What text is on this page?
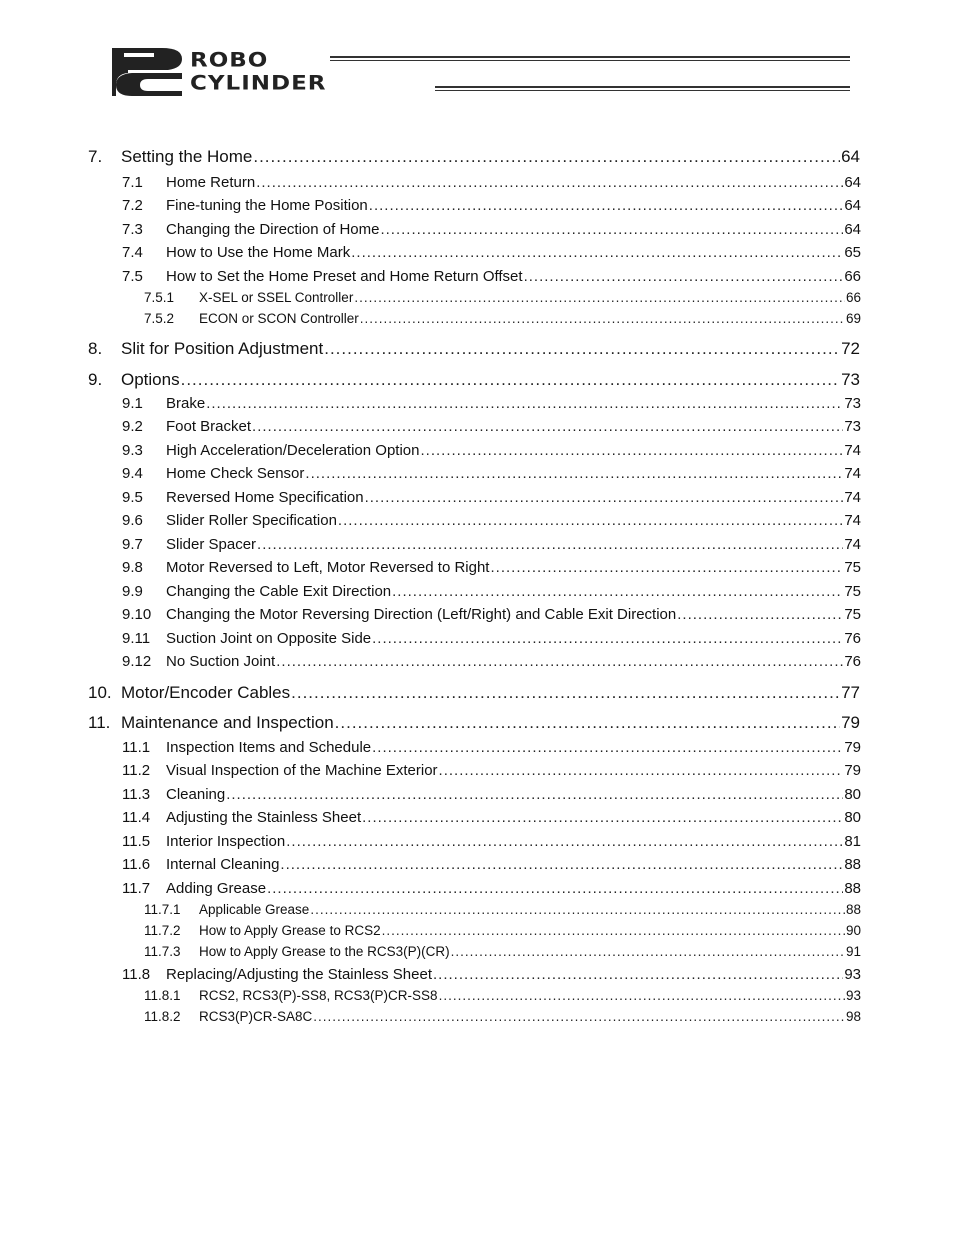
ROBO
CYLINDER
7.	Setting the Home .....	64
7.1	Home Return .....	64
7.2	Fine-tuning the Home Position .....	64
7.3	Changing the Direction of Home .....	64
7.4	How to Use the Home Mark .....	65
7.5	How to Set the Home Preset and Home Return Offset .....	66
7.5.1	X-SEL or SSEL Controller .....	66
7.5.2	ECON or SCON Controller .....	69
8.	Slit for Position Adjustment .....	72
9.	Options .....	73
9.1	Brake .....	73
9.2	Foot Bracket .....	73
9.3	High Acceleration/Deceleration Option .....	74
9.4	Home Check Sensor .....	74
9.5	Reversed Home Specification .....	74
9.6	Slider Roller Specification .....	74
9.7	Slider Spacer .....	74
9.8	Motor Reversed to Left, Motor Reversed to Right .....	75
9.9	Changing the Cable Exit Direction .....	75
9.10 Changing the Motor Reversing Direction (Left/Right) and Cable Exit Direction .....	75
9.11	Suction Joint on Opposite Side .....	76
9.12 No Suction Joint .....	76
10. Motor/Encoder Cables .....	77
11. Maintenance and Inspection .....	79
11.1	Inspection Items and Schedule .....	79
11.2	Visual Inspection of the Machine Exterior .....	79
11.3	Cleaning .....	80
11.4	Adjusting the Stainless Sheet .....	80
11.5	Interior Inspection .....	81
11.6	Internal Cleaning .....	88
11.7	Adding Grease .....	88
11.7.1	Applicable Grease .....	88
11.7.2	How to Apply Grease to RCS2 .....	90
11.7.3	How to Apply Grease to the RCS3(P)(CR) .....	91
11.8	Replacing/Adjusting the Stainless Sheet .....	93
11.8.1	RCS2, RCS3(P)-SS8, RCS3(P)CR-SS8 .....	93
11.8.2	RCS3(P)CR-SA8C .....	98
